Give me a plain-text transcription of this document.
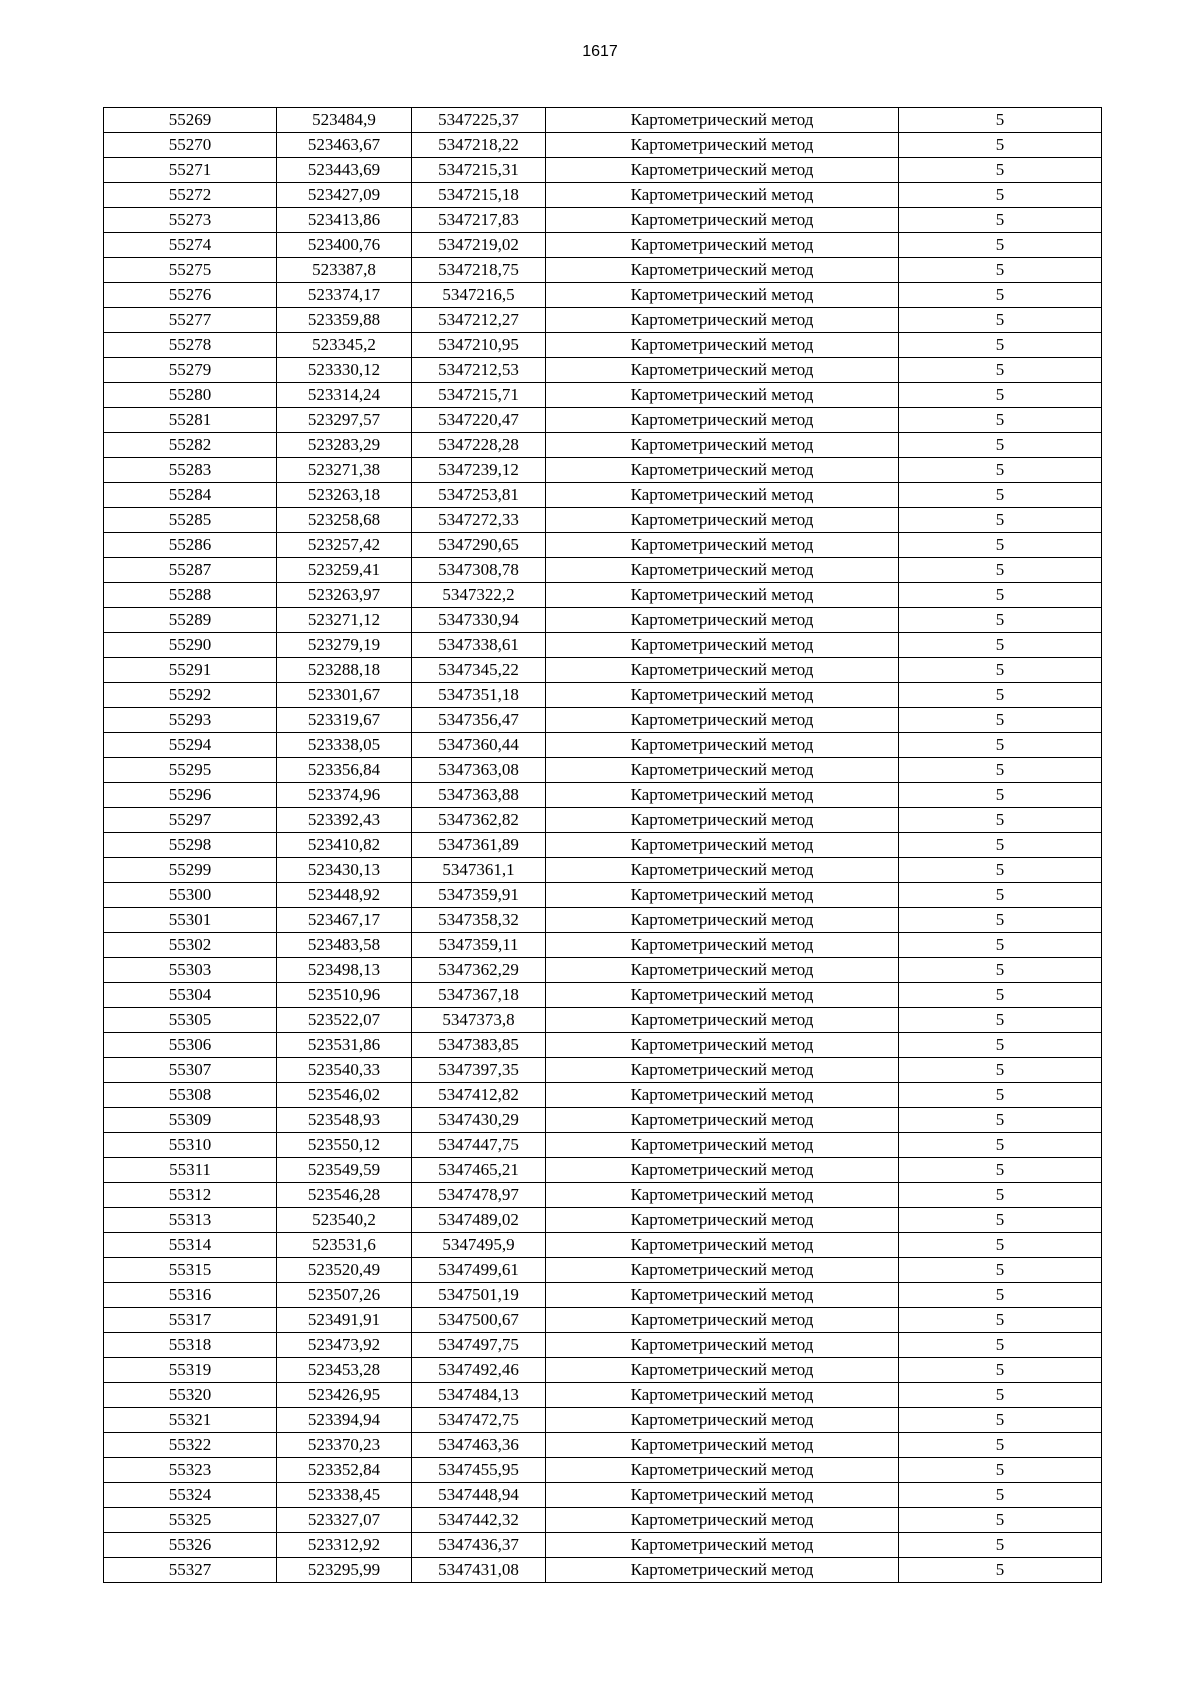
1617
55269	523484,9	5347225,37	Картометрический метод	5
55270	523463,67	5347218,22	Картометрический метод	5
55271	523443,69	5347215,31	Картометрический метод	5
55272	523427,09	5347215,18	Картометрический метод	5
55273	523413,86	5347217,83	Картометрический метод	5
55274	523400,76	5347219,02	Картометрический метод	5
55275	523387,8	5347218,75	Картометрический метод	5
55276	523374,17	5347216,5	Картометрический метод	5
55277	523359,88	5347212,27	Картометрический метод	5
55278	523345,2	5347210,95	Картометрический метод	5
55279	523330,12	5347212,53	Картометрический метод	5
55280	523314,24	5347215,71	Картометрический метод	5
55281	523297,57	5347220,47	Картометрический метод	5
55282	523283,29	5347228,28	Картометрический метод	5
55283	523271,38	5347239,12	Картометрический метод	5
55284	523263,18	5347253,81	Картометрический метод	5
55285	523258,68	5347272,33	Картометрический метод	5
55286	523257,42	5347290,65	Картометрический метод	5
55287	523259,41	5347308,78	Картометрический метод	5
55288	523263,97	5347322,2	Картометрический метод	5
55289	523271,12	5347330,94	Картометрический метод	5
55290	523279,19	5347338,61	Картометрический метод	5
55291	523288,18	5347345,22	Картометрический метод	5
55292	523301,67	5347351,18	Картометрический метод	5
55293	523319,67	5347356,47	Картометрический метод	5
55294	523338,05	5347360,44	Картометрический метод	5
55295	523356,84	5347363,08	Картометрический метод	5
55296	523374,96	5347363,88	Картометрический метод	5
55297	523392,43	5347362,82	Картометрический метод	5
55298	523410,82	5347361,89	Картометрический метод	5
55299	523430,13	5347361,1	Картометрический метод	5
55300	523448,92	5347359,91	Картометрический метод	5
55301	523467,17	5347358,32	Картометрический метод	5
55302	523483,58	5347359,11	Картометрический метод	5
55303	523498,13	5347362,29	Картометрический метод	5
55304	523510,96	5347367,18	Картометрический метод	5
55305	523522,07	5347373,8	Картометрический метод	5
55306	523531,86	5347383,85	Картометрический метод	5
55307	523540,33	5347397,35	Картометрический метод	5
55308	523546,02	5347412,82	Картометрический метод	5
55309	523548,93	5347430,29	Картометрический метод	5
55310	523550,12	5347447,75	Картометрический метод	5
55311	523549,59	5347465,21	Картометрический метод	5
55312	523546,28	5347478,97	Картометрический метод	5
55313	523540,2	5347489,02	Картометрический метод	5
55314	523531,6	5347495,9	Картометрический метод	5
55315	523520,49	5347499,61	Картометрический метод	5
55316	523507,26	5347501,19	Картометрический метод	5
55317	523491,91	5347500,67	Картометрический метод	5
55318	523473,92	5347497,75	Картометрический метод	5
55319	523453,28	5347492,46	Картометрический метод	5
55320	523426,95	5347484,13	Картометрический метод	5
55321	523394,94	5347472,75	Картометрический метод	5
55322	523370,23	5347463,36	Картометрический метод	5
55323	523352,84	5347455,95	Картометрический метод	5
55324	523338,45	5347448,94	Картометрический метод	5
55325	523327,07	5347442,32	Картометрический метод	5
55326	523312,92	5347436,37	Картометрический метод	5
55327	523295,99	5347431,08	Картометрический метод	5
